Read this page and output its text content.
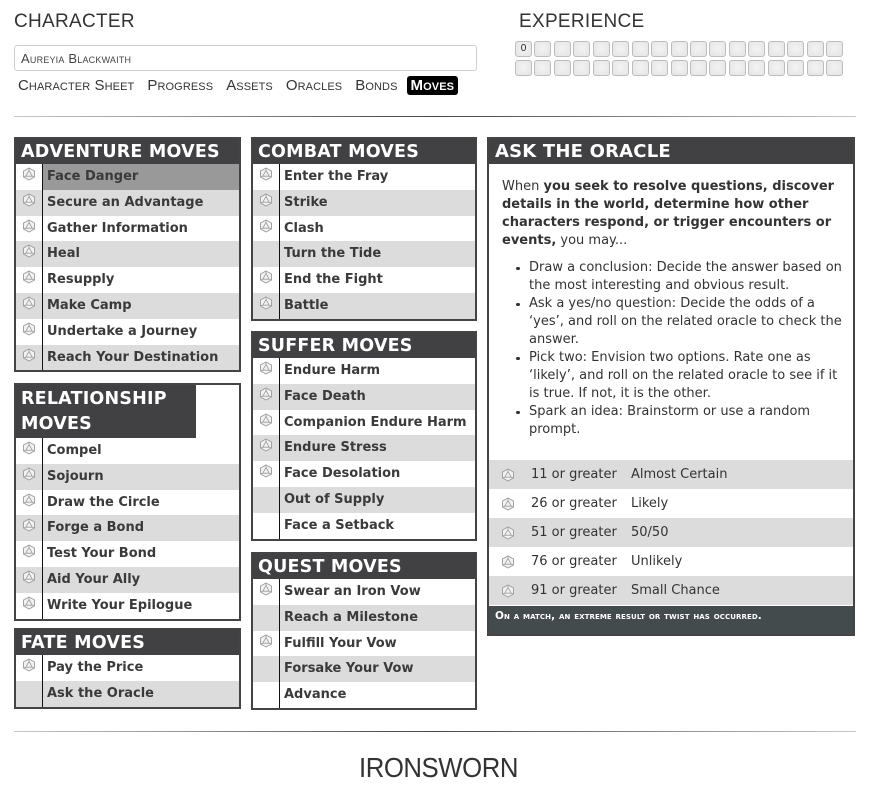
CHARACTER
Aureyia Blackwaith
Character Sheet Progress Assets Oracles Bonds Moves
EXPERIENCE
0
ADVENTURE MOVES
Face Danger
Secure an Advantage
Gather Information
Heal
Resupply
Make Camp
Undertake a Journey
Reach Your Destination
RELATIONSHIP MOVES
Compel
Sojourn
Draw the Circle
Forge a Bond
Test Your Bond
Aid Your Ally
Write Your Epilogue
FATE MOVES
Pay the Price
Ask the Oracle
COMBAT MOVES
Enter the Fray
Strike
Clash
Turn the Tide
End the Fight
Battle
SUFFER MOVES
Endure Harm
Face Death
Companion Endure Harm
Endure Stress
Face Desolation
Out of Supply
Face a Setback
QUEST MOVES
Swear an Iron Vow
Reach a Milestone
Fulfill Your Vow
Forsake Your Vow
Advance
ASK THE ORACLE

When you seek to resolve questions, discover details in the world, determine how other characters respond, or trigger encounters or events, you may...

Draw a conclusion: Decide the answer based on the most interesting and obvious result.
Ask a yes/no question: Decide the odds of a ‘yes’, and roll on the related oracle to check the answer.
Pick two: Envision two options. Rate one as ‘likely’, and roll on the related oracle to see if it is true. If not, it is the other.
Spark an idea: Brainstorm or use a random prompt.
11 or greater	Almost Certain
26 or greater	Likely
51 or greater	50/50
76 or greater	Unlikely
91 or greater	Small Chance
On a match, an extreme result or twist has occurred.
IRONSWORN
